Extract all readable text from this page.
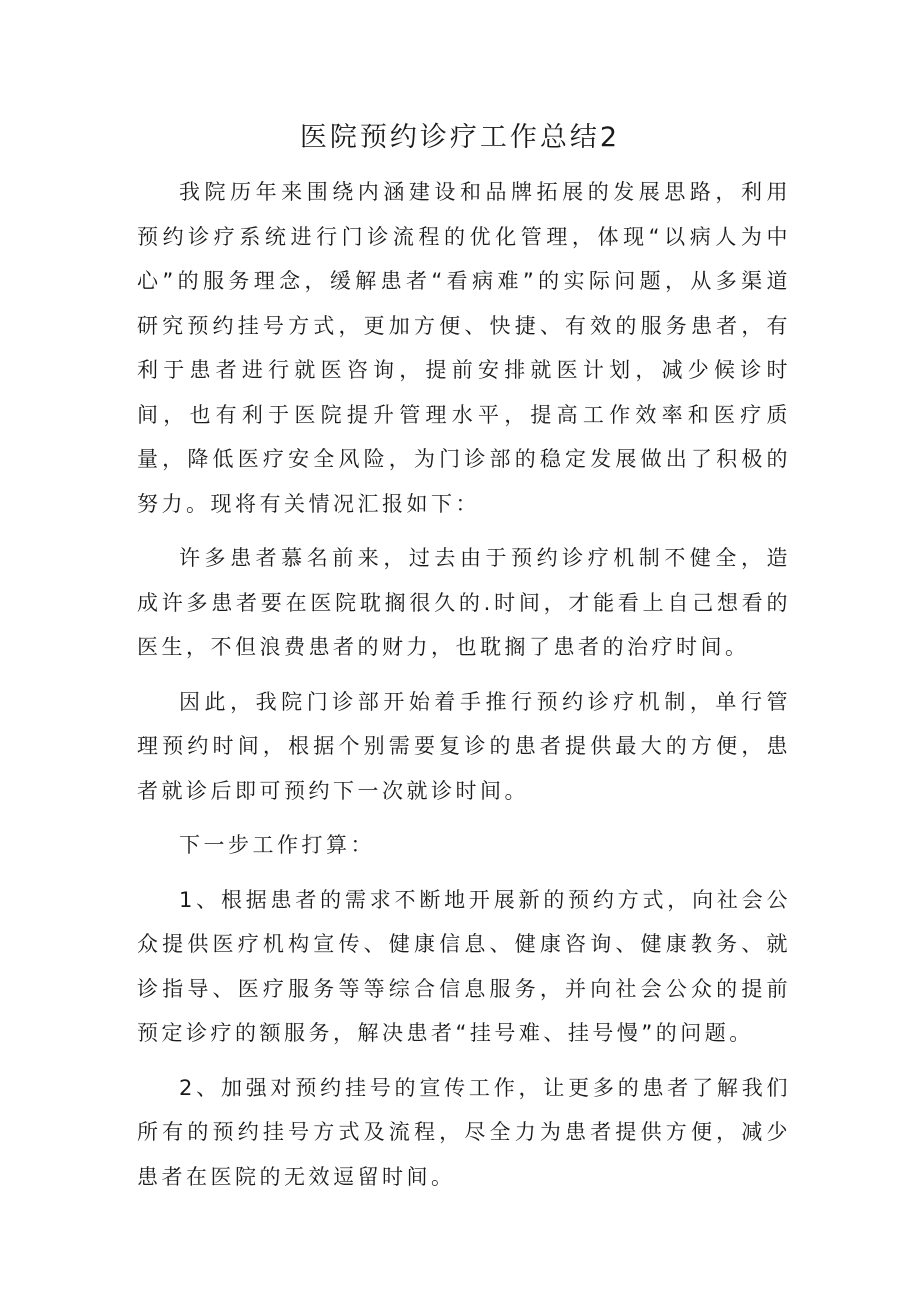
医院预约诊疗工作总结2

我院历年来围绕内涵建设和品牌拓展的发展思路，利用预约诊疗系统进行门诊流程的优化管理，体现“以病人为中心”的服务理念，缓解患者“看病难”的实际问题，从多渠道研究预约挂号方式，更加方便、快捷、有效的服务患者，有利于患者进行就医咨询，提前安排就医计划，减少候诊时间，也有利于医院提升管理水平，提高工作效率和医疗质量，降低医疗安全风险，为门诊部的稳定发展做出了积极的努力。现将有关情况汇报如下：

许多患者慕名前来，过去由于预约诊疗机制不健全，造成许多患者要在医院耽搁很久的.时间，才能看上自己想看的医生，不但浪费患者的财力，也耽搁了患者的治疗时间。

因此，我院门诊部开始着手推行预约诊疗机制，单行管理预约时间，根据个别需要复诊的患者提供最大的方便，患者就诊后即可预约下一次就诊时间。

下一步工作打算：

1、根据患者的需求不断地开展新的预约方式，向社会公众提供医疗机构宣传、健康信息、健康咨询、健康教务、就诊指导、医疗服务等等综合信息服务，并向社会公众的提前预定诊疗的额服务，解决患者“挂号难、挂号慢”的问题。

2、加强对预约挂号的宣传工作，让更多的患者了解我们所有的预约挂号方式及流程，尽全力为患者提供方便，减少患者在医院的无效逗留时间。
